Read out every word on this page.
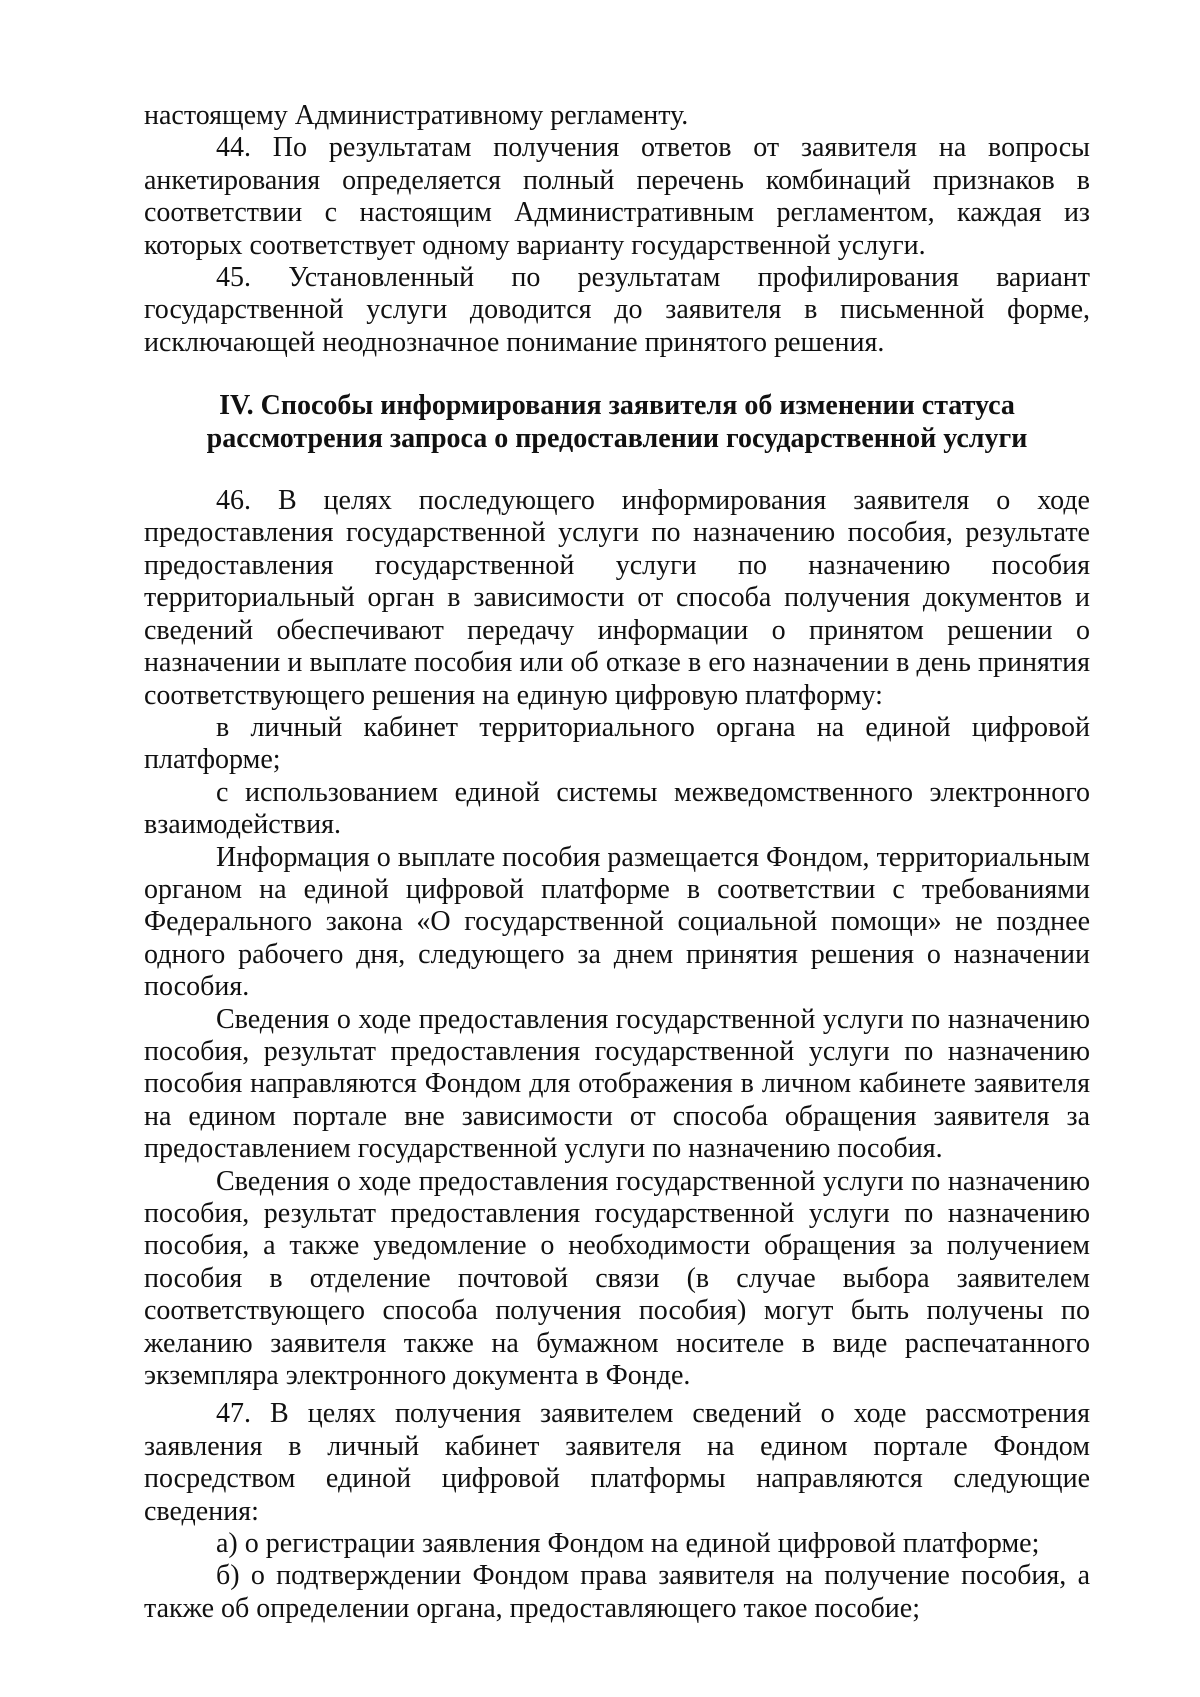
настоящему Административному регламенту.

44. По результатам получения ответов от заявителя на вопросы анкетирования определяется полный перечень комбинаций признаков в соответствии с настоящим Административным регламентом, каждая из которых соответствует одному варианту государственной услуги.

45. Установленный по результатам профилирования вариант государственной услуги доводится до заявителя в письменной форме, исключающей неоднозначное понимание принятого решения.

IV. Способы информирования заявителя об изменении статуса
рассмотрения запроса о предоставлении государственной услуги

46. В целях последующего информирования заявителя о ходе предоставления государственной услуги по назначению пособия, результате предоставления государственной услуги по назначению пособия территориальный орган в зависимости от способа получения документов и сведений обеспечивают передачу информации о принятом решении о назначении и выплате пособия или об отказе в его назначении в день принятия соответствующего решения на единую цифровую платформу:

в личный кабинет территориального органа на единой цифровой платформе;

с использованием единой системы межведомственного электронного взаимодействия.

Информация о выплате пособия размещается Фондом, территориальным органом на единой цифровой платформе в соответствии с требованиями Федерального закона «О государственной социальной помощи» не позднее одного рабочего дня, следующего за днем принятия решения о назначении пособия.

Сведения о ходе предоставления государственной услуги по назначению пособия, результат предоставления государственной услуги по назначению пособия направляются Фондом для отображения в личном кабинете заявителя на едином портале вне зависимости от способа обращения заявителя за предоставлением государственной услуги по назначению пособия.

Сведения о ходе предоставления государственной услуги по назначению пособия, результат предоставления государственной услуги по назначению пособия, а также уведомление о необходимости обращения за получением пособия в отделение почтовой связи (в случае выбора заявителем соответствующего способа получения пособия) могут быть получены по желанию заявителя также на бумажном носителе в виде распечатанного экземпляра электронного документа в Фонде.

47. В целях получения заявителем сведений о ходе рассмотрения заявления в личный кабинет заявителя на едином портале Фондом посредством единой цифровой платформы направляются следующие сведения:

а) о регистрации заявления Фондом на единой цифровой платформе;

б) о подтверждении Фондом права заявителя на получение пособия, а также об определении органа, предоставляющего такое пособие;
